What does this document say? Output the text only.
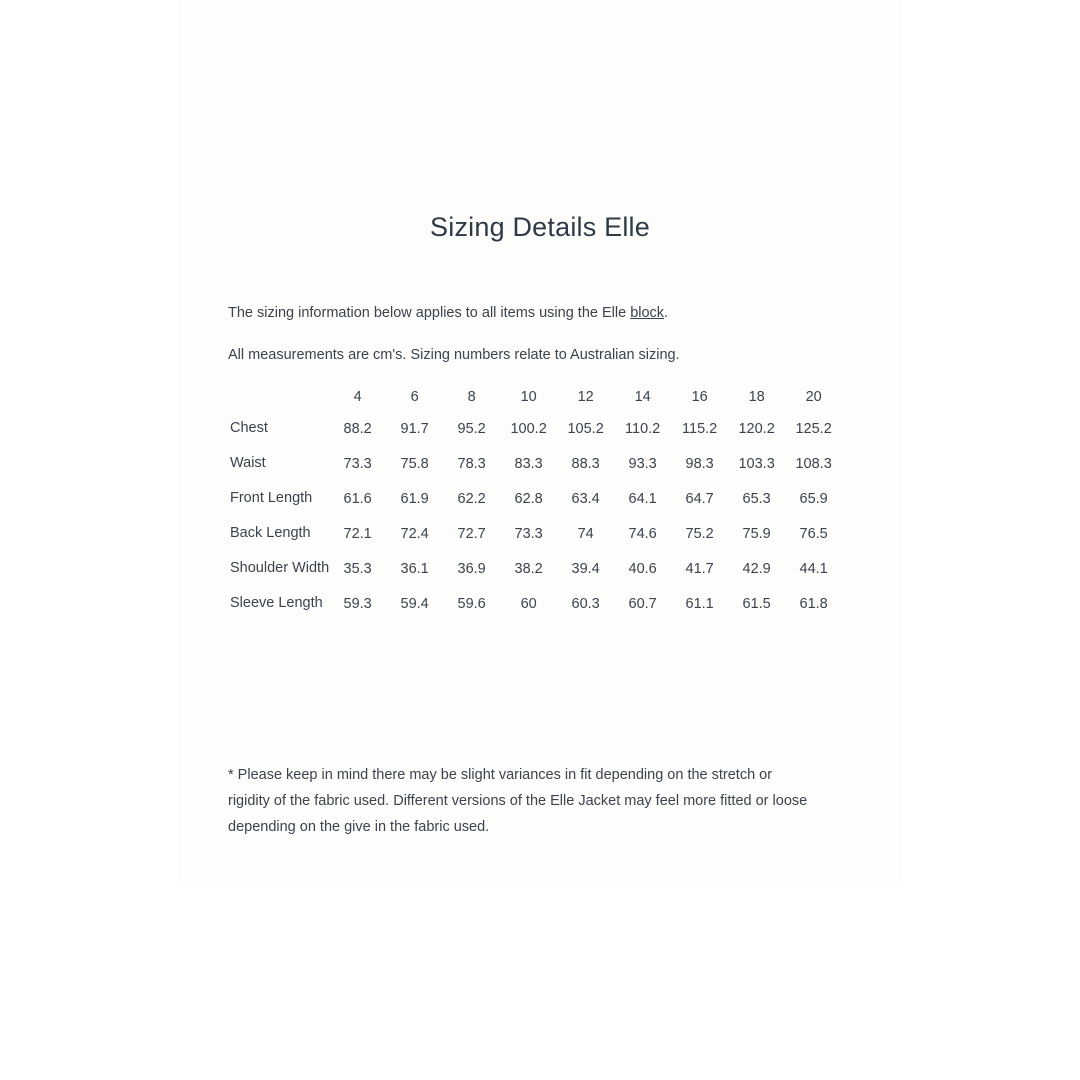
Sizing Details Elle
The sizing information below applies to all items using the Elle block.
All measurements are cm's. Sizing numbers relate to Australian sizing.
	4	6	8	10	12	14	16	18	20
Chest	88.2	91.7	95.2	100.2	105.2	110.2	115.2	120.2	125.2
Waist	73.3	75.8	78.3	83.3	88.3	93.3	98.3	103.3	108.3
Front Length	61.6	61.9	62.2	62.8	63.4	64.1	64.7	65.3	65.9
Back Length	72.1	72.4	72.7	73.3	74	74.6	75.2	75.9	76.5
Shoulder Width	35.3	36.1	36.9	38.2	39.4	40.6	41.7	42.9	44.1
Sleeve Length	59.3	59.4	59.6	60	60.3	60.7	61.1	61.5	61.8
* Please keep in mind there may be slight variances in fit depending on the stretch or rigidity of the fabric used. Different versions of the Elle Jacket may feel more fitted or loose depending on the give in the fabric used.
